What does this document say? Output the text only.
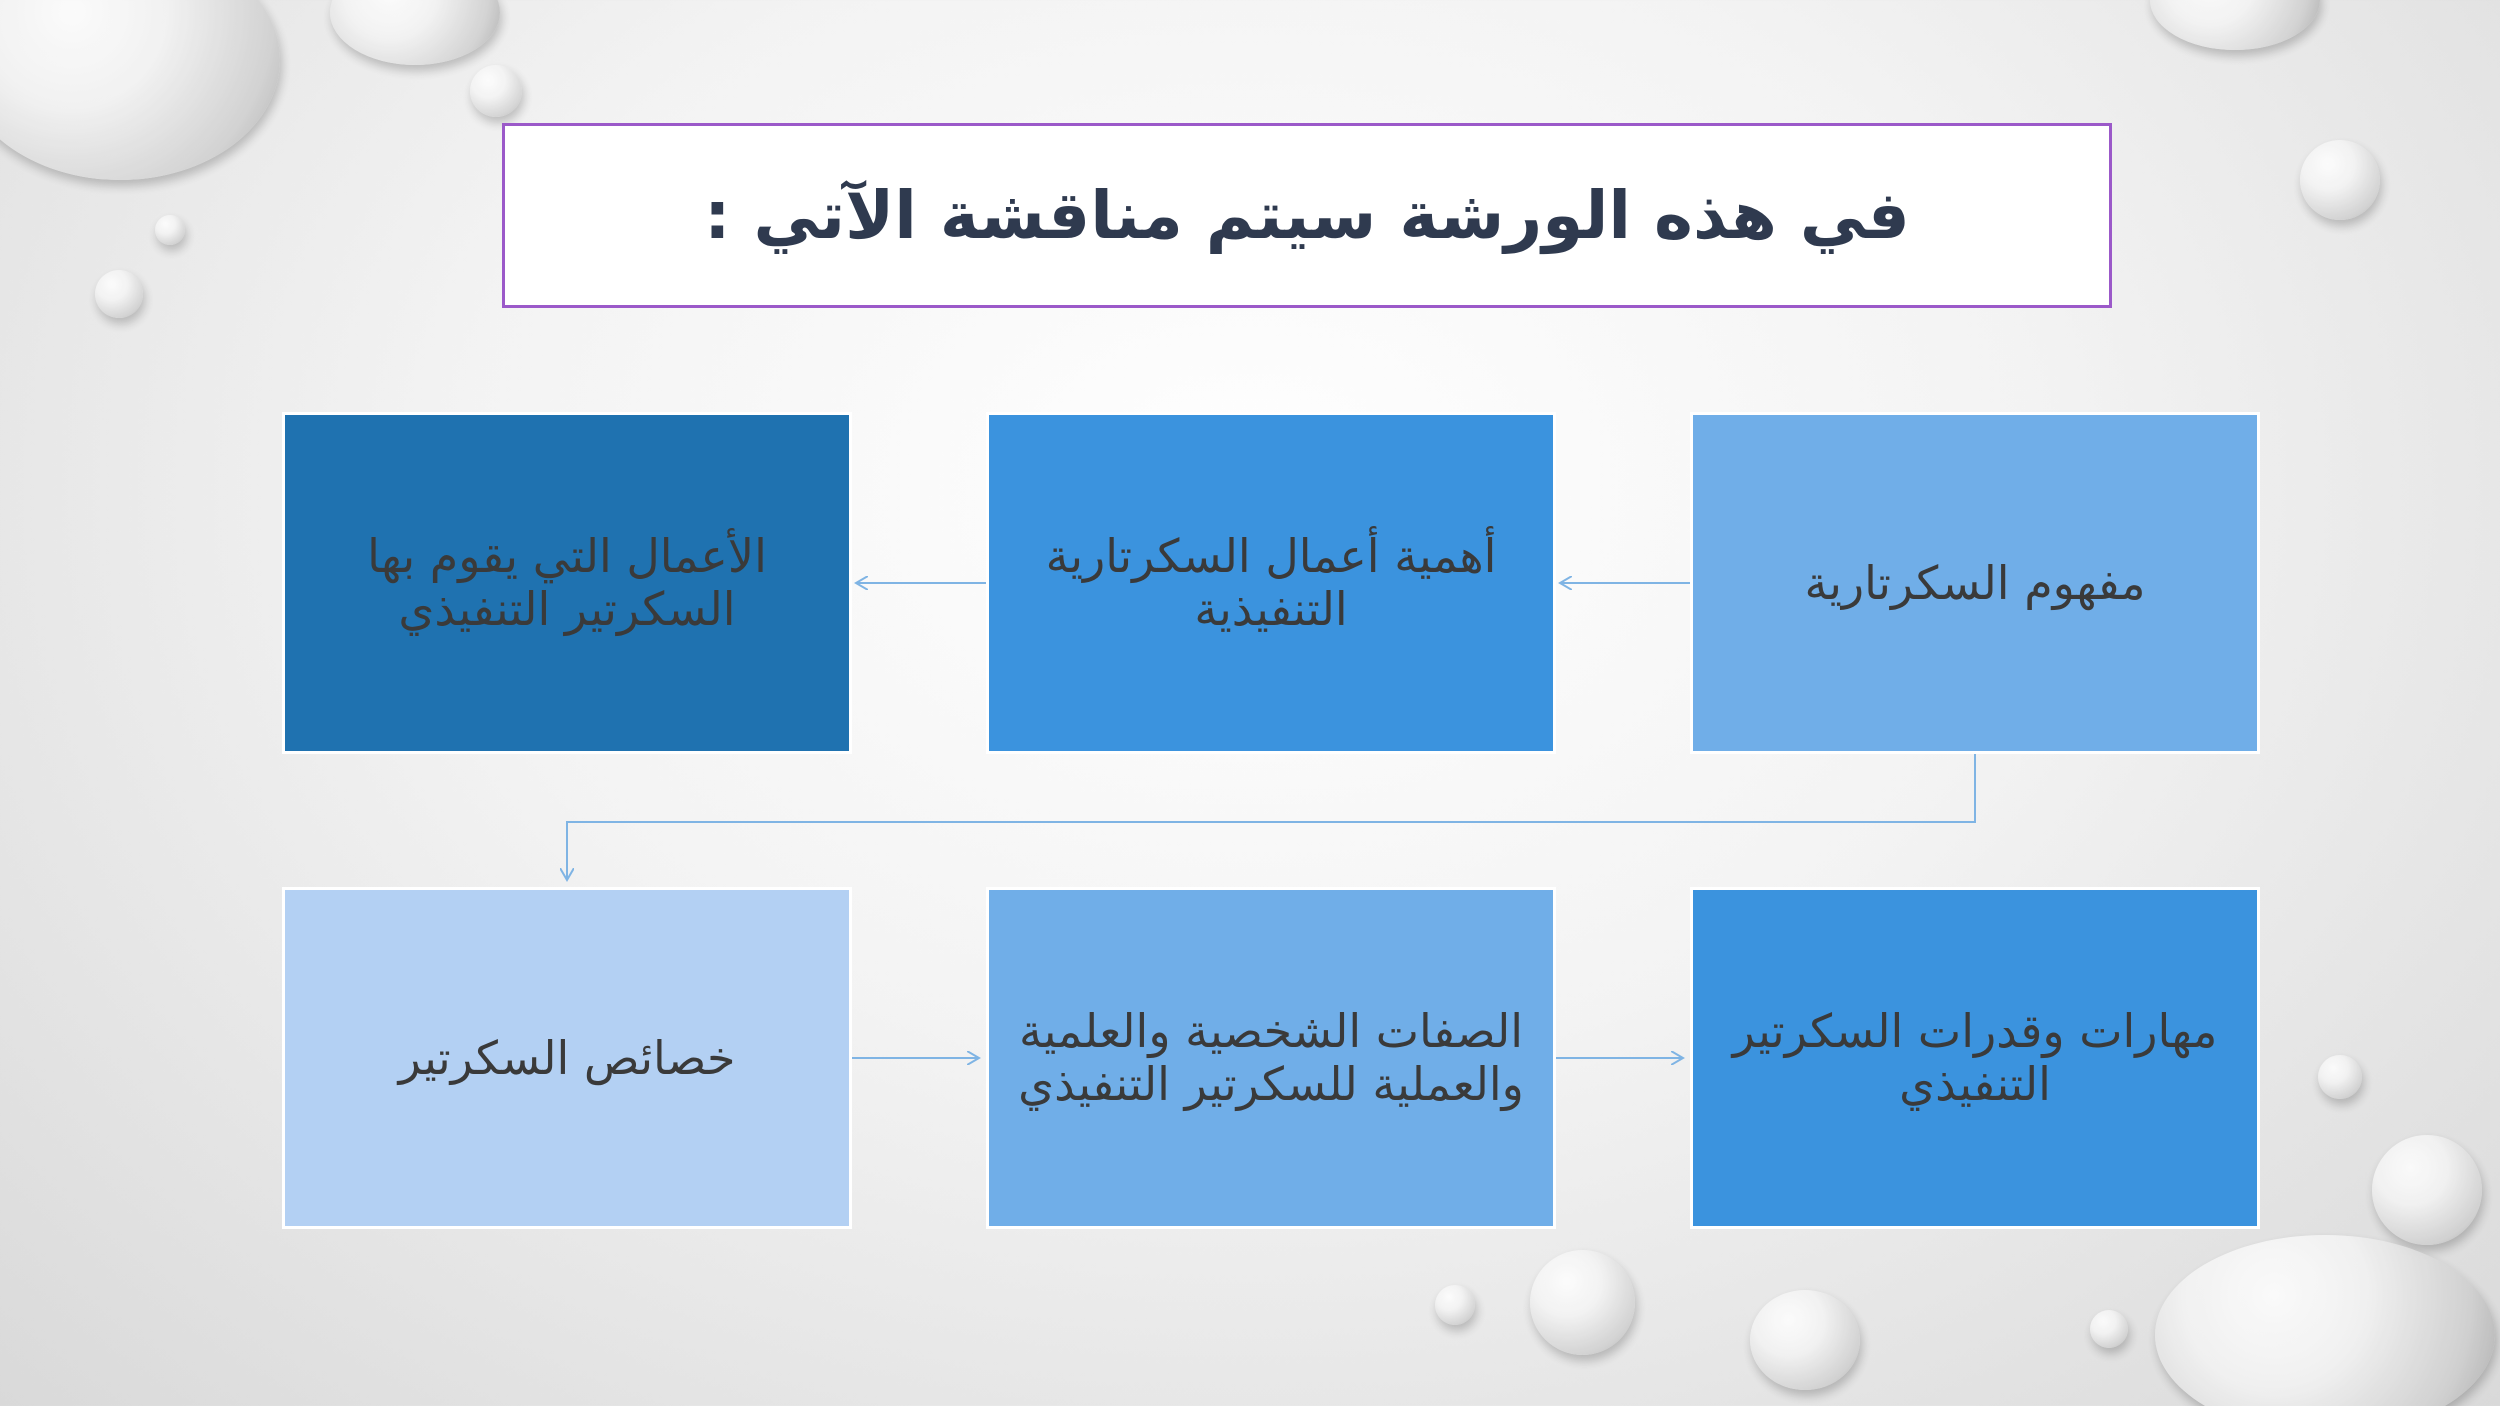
في هذه الورشة سيتم مناقشة الآتي :
مفهوم السكرتارية
أهمية أعمال السكرتارية التنفيذية
الأعمال التي يقوم بها السكرتير التنفيذي
مهارات وقدرات السكرتير التنفيذي
الصفات الشخصية والعلمية والعملية للسكرتير التنفيذي
خصائص السكرتير
